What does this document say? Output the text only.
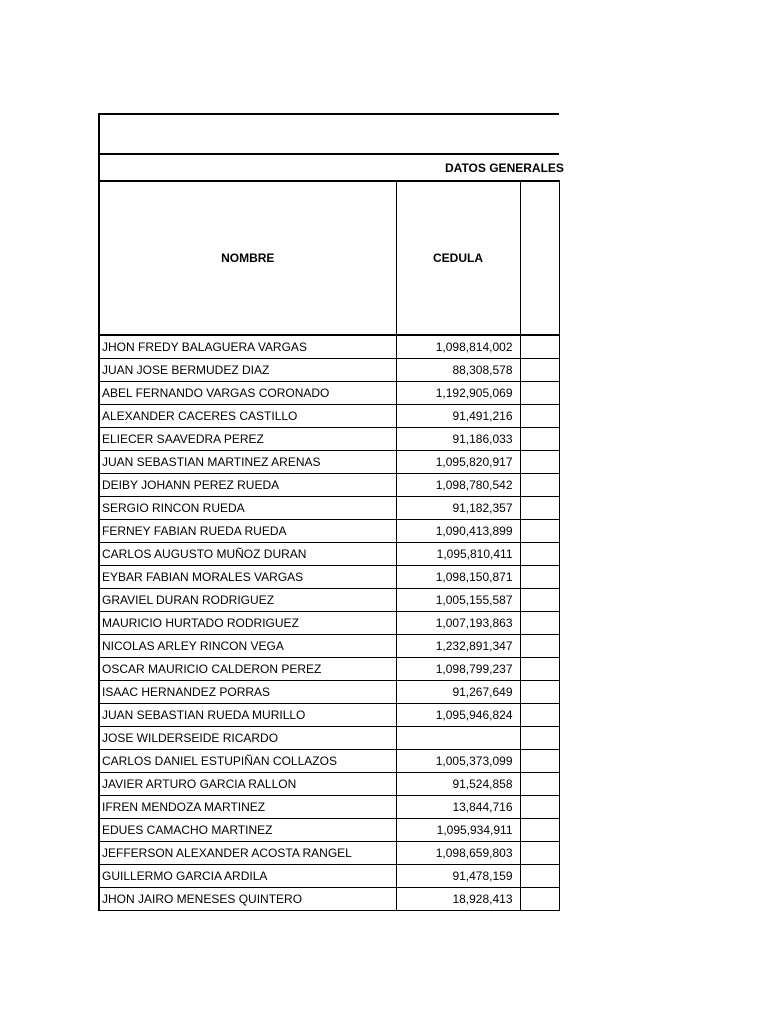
DATOS GENERALES		

NOMBRE	CEDULA	
JHON FREDY BALAGUERA VARGAS	1,098,814,002	
JUAN JOSE BERMUDEZ DIAZ	88,308,578	
ABEL FERNANDO VARGAS CORONADO	1,192,905,069	
ALEXANDER CACERES CASTILLO	91,491,216	
ELIECER SAAVEDRA PEREZ	91,186,033	
JUAN SEBASTIAN MARTINEZ ARENAS	1,095,820,917	
DEIBY JOHANN PEREZ RUEDA	1,098,780,542	
SERGIO RINCON RUEDA	91,182,357	
FERNEY FABIAN RUEDA RUEDA	1,090,413,899	
CARLOS AUGUSTO MUÑOZ DURAN	1,095,810,411	
EYBAR FABIAN MORALES VARGAS	1,098,150,871	
GRAVIEL DURAN RODRIGUEZ	1,005,155,587	
MAURICIO HURTADO RODRIGUEZ	1,007,193,863	
NICOLAS ARLEY RINCON VEGA	1,232,891,347	
OSCAR MAURICIO CALDERON PEREZ	1,098,799,237	
ISAAC HERNANDEZ PORRAS	91,267,649	
JUAN SEBASTIAN RUEDA MURILLO	1,095,946,824	
JOSE WILDERSEIDE RICARDO		
CARLOS DANIEL ESTUPIÑAN COLLAZOS	1,005,373,099	
JAVIER ARTURO GARCIA RALLON	91,524,858	
IFREN MENDOZA MARTINEZ	13,844,716	
EDUES CAMACHO MARTINEZ	1,095,934,911	
JEFFERSON ALEXANDER ACOSTA RANGEL	1,098,659,803	
GUILLERMO GARCIA ARDILA	91,478,159	
JHON JAIRO MENESES QUINTERO	18,928,413	
